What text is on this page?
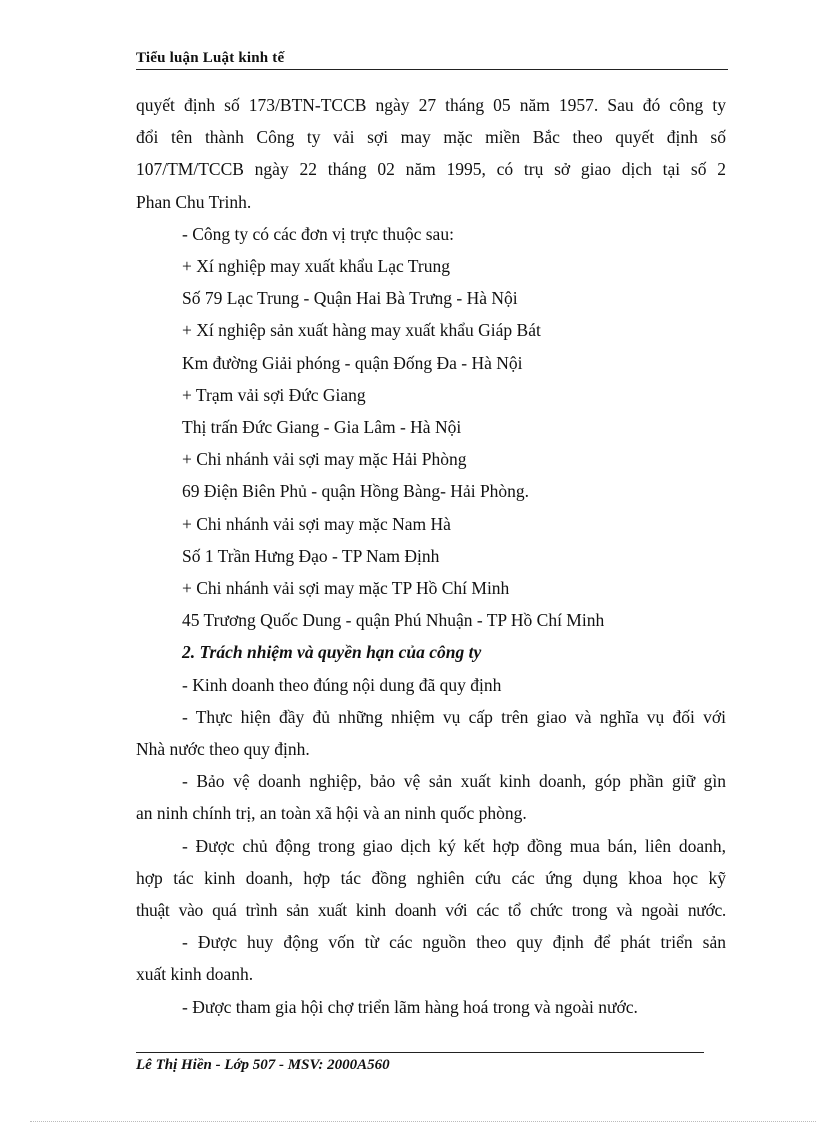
Tiểu luận Luật kinh tế

quyết định số 173/BTN-TCCB ngày 27 tháng 05 năm 1957. Sau đó công ty

đổi tên thành Công ty vải sợi may mặc miền Bắc theo quyết định số

107/TM/TCCB ngày 22 tháng 02 năm 1995, có trụ sở giao dịch tại số 2

Phan Chu Trinh.

- Công ty có các đơn vị trực thuộc sau:

+ Xí nghiệp may xuất khẩu Lạc Trung

Số 79 Lạc Trung - Quận Hai Bà Trưng - Hà Nội

+ Xí nghiệp sản xuất hàng may xuất khẩu Giáp Bát

Km đường Giải phóng - quận Đống Đa - Hà Nội

+ Trạm vải sợi Đức Giang

Thị trấn Đức Giang - Gia Lâm - Hà Nội

+ Chi nhánh vải sợi may mặc Hải Phòng

69 Điện Biên Phủ - quận Hồng Bàng- Hải Phòng.

+ Chi nhánh vải sợi may mặc Nam Hà

Số 1 Trần Hưng Đạo - TP Nam Định

+ Chi nhánh vải sợi may mặc TP Hồ Chí Minh

45 Trương Quốc Dung - quận Phú Nhuận - TP Hồ Chí Minh

2. Trách nhiệm và quyền hạn của công ty

- Kinh doanh theo đúng nội dung đã quy định

- Thực hiện đầy đủ những nhiệm vụ cấp trên giao và nghĩa vụ đối với

Nhà nước theo quy định.

- Bảo vệ doanh nghiệp, bảo vệ sản xuất kinh doanh, góp phần giữ gìn

an ninh chính trị, an toàn xã hội và an ninh quốc phòng.

- Được chủ động trong giao dịch ký kết hợp đồng mua bán, liên doanh,

hợp tác kinh doanh, hợp tác đồng nghiên cứu các ứng dụng khoa học kỹ

thuật vào quá trình sản xuất kinh doanh với các tổ chức trong và ngoài nước.

- Được huy động vốn từ các nguồn theo quy định để phát triển sản

xuất kinh doanh.

- Được tham gia hội chợ triển lãm hàng hoá trong và ngoài nước.

Lê Thị Hiền - Lớp 507 - MSV: 2000A560
